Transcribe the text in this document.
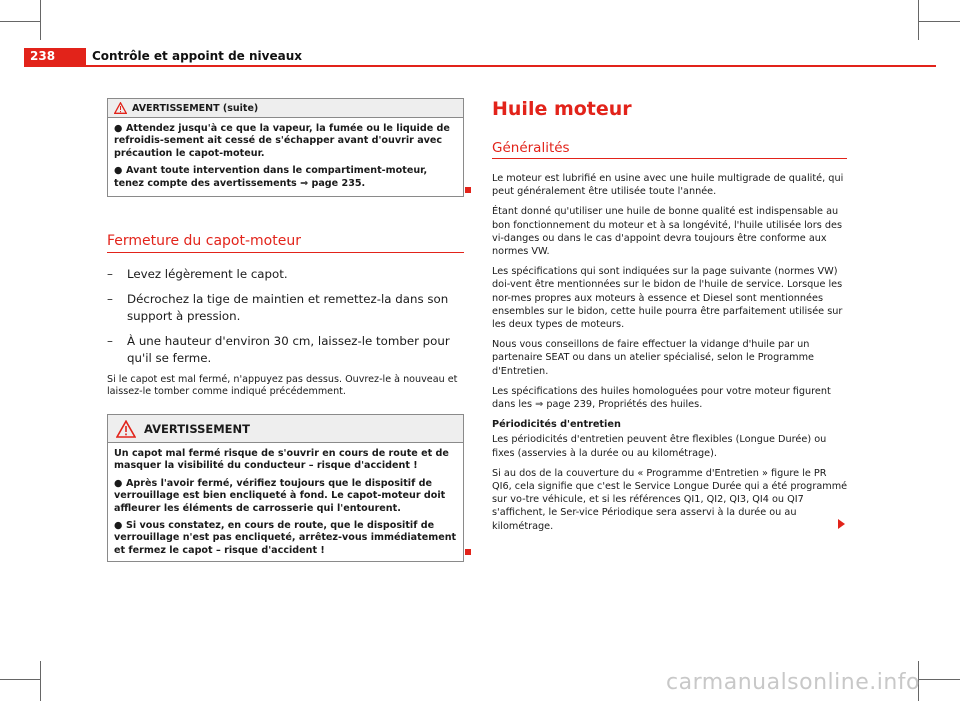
238	Contrôle et appoint de niveaux
AVERTISSEMENT (suite)

● Attendez jusqu'à ce que la vapeur, la fumée ou le liquide de refroidis-sement ait cessé de s'échapper avant d'ouvrir avec précaution le capot-moteur.

● Avant toute intervention dans le compartiment-moteur, tenez compte des avertissements ⇒ page 235.

Fermeture du capot-moteur
–	Levez légèrement le capot.
–	Décrochez la tige de maintien et remettez-la dans son support à pression.
–	À une hauteur d'environ 30 cm, laissez-le tomber pour qu'il se ferme.
Si le capot est mal fermé, n'appuyez pas dessus. Ouvrez-le à nouveau et laissez-le tomber comme indiqué précédemment.
AVERTISSEMENT

Un capot mal fermé risque de s'ouvrir en cours de route et de masquer la visibilité du conducteur – risque d'accident !

● Après l'avoir fermé, vérifiez toujours que le dispositif de verrouillage est bien encliqueté à fond. Le capot-moteur doit affleurer les éléments de carrosserie qui l'entourent.

● Si vous constatez, en cours de route, que le dispositif de verrouillage n'est pas encliqueté, arrêtez-vous immédiatement et fermez le capot – risque d'accident !

Huile moteur
Généralités

Le moteur est lubrifié en usine avec une huile multigrade de qualité, qui peut généralement être utilisée toute l'année.

Étant donné qu'utiliser une huile de bonne qualité est indispensable au bon fonctionnement du moteur et à sa longévité, l'huile utilisée lors des vi-danges ou dans le cas d'appoint devra toujours être conforme aux normes VW.

Les spécifications qui sont indiquées sur la page suivante (normes VW) doi-vent être mentionnées sur le bidon de l'huile de service. Lorsque les nor-mes propres aux moteurs à essence et Diesel sont mentionnées ensembles sur le bidon, cette huile pourra être parfaitement utilisée sur les deux types de moteurs.

Nous vous conseillons de faire effectuer la vidange d'huile par un partenaire SEAT ou dans un atelier spécialisé, selon le Programme d'Entretien.

Les spécifications des huiles homologuées pour votre moteur figurent dans les ⇒ page 239, Propriétés des huiles.

Périodicités d'entretien

Les périodicités d'entretien peuvent être flexibles (Longue Durée) ou fixes (asservies à la durée ou au kilométrage).

Si au dos de la couverture du « Programme d'Entretien » figure le PR QI6, cela signifie que c'est le Service Longue Durée qui a été programmé sur vo-tre véhicule, et si les références QI1, QI2, QI3, QI4 ou QI7 s'affichent, le Ser-vice Périodique sera asservi à la durée ou au kilométrage.

carmanualsonline.info
